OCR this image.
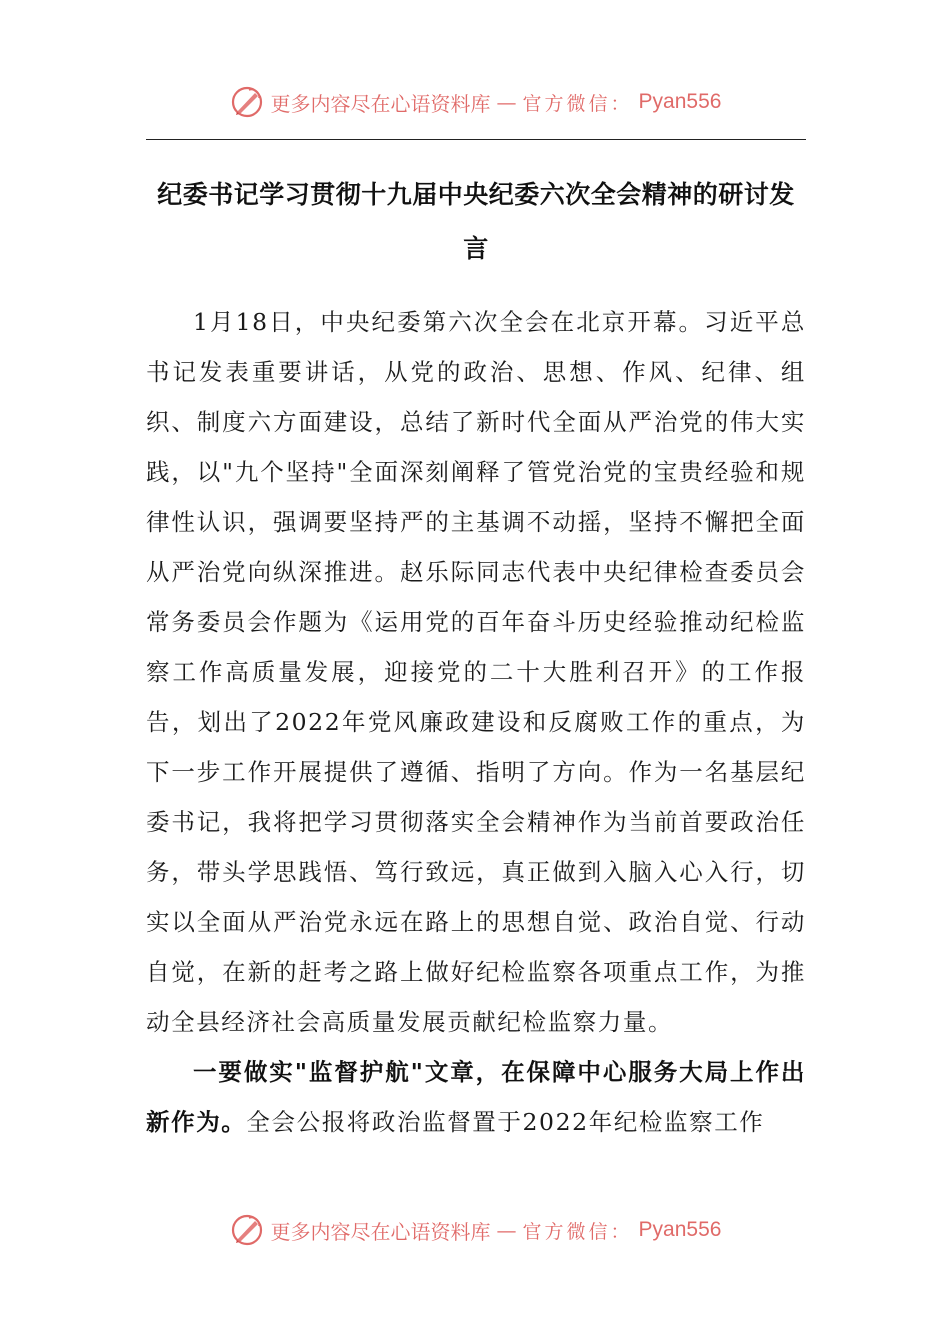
更多内容尽在心语资料库 — 官方微信： Pyan556
纪委书记学习贯彻十九届中央纪委六次全会精神的研讨发言

1月18日，中央纪委第六次全会在北京开幕。习近平总书记发表重要讲话，从党的政治、思想、作风、纪律、组织、制度六方面建设，总结了新时代全面从严治党的伟大实践，以"九个坚持"全面深刻阐释了管党治党的宝贵经验和规律性认识，强调要坚持严的主基调不动摇，坚持不懈把全面从严治党向纵深推进。赵乐际同志代表中央纪律检查委员会常务委员会作题为《运用党的百年奋斗历史经验推动纪检监察工作高质量发展，迎接党的二十大胜利召开》的工作报告，划出了2022年党风廉政建设和反腐败工作的重点，为下一步工作开展提供了遵循、指明了方向。作为一名基层纪委书记，我将把学习贯彻落实全会精神作为当前首要政治任务，带头学思践悟、笃行致远，真正做到入脑入心入行，切实以全面从严治党永远在路上的思想自觉、政治自觉、行动自觉，在新的赶考之路上做好纪检监察各项重点工作，为推动全县经济社会高质量发展贡献纪检监察力量。

一要做实"监督护航"文章，在保障中心服务大局上作出新作为。全会公报将政治监督置于2022年纪检监察工作

更多内容尽在心语资料库 — 官方微信： Pyan556
